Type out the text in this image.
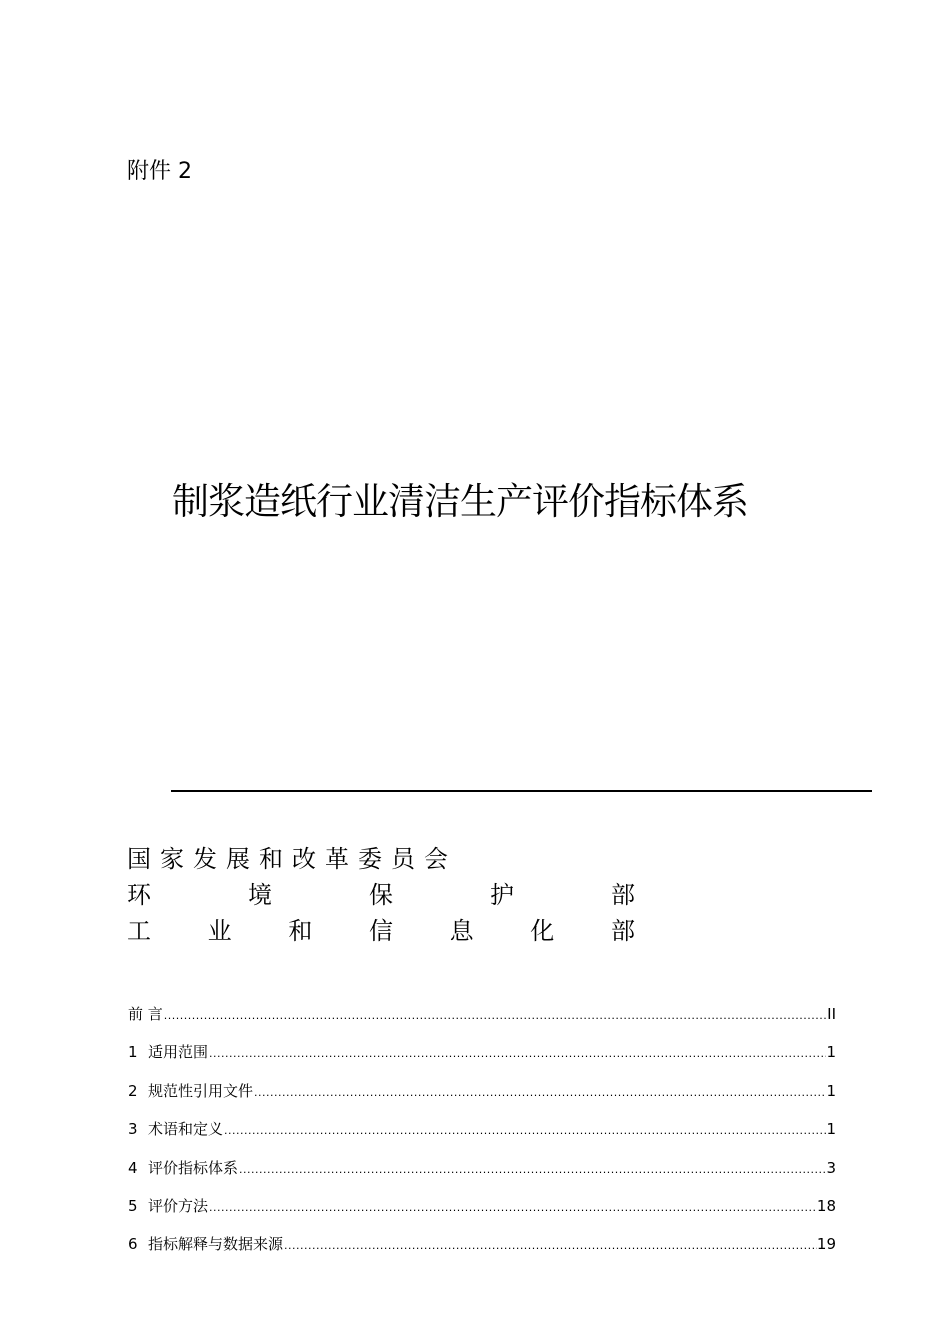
附件 2
制浆造纸行业清洁生产评价指标体系
国家发展和改革委员会
环	境	保	护	部
工 业 和 信 息 化 部
前 言 .....	II
1 适用范围 .....	1
2 规范性引用文件 .....	1
3 术语和定义 .....	1
4 评价指标体系 .....	3
5 评价方法 .....	18
6 指标解释与数据来源 .....	19
